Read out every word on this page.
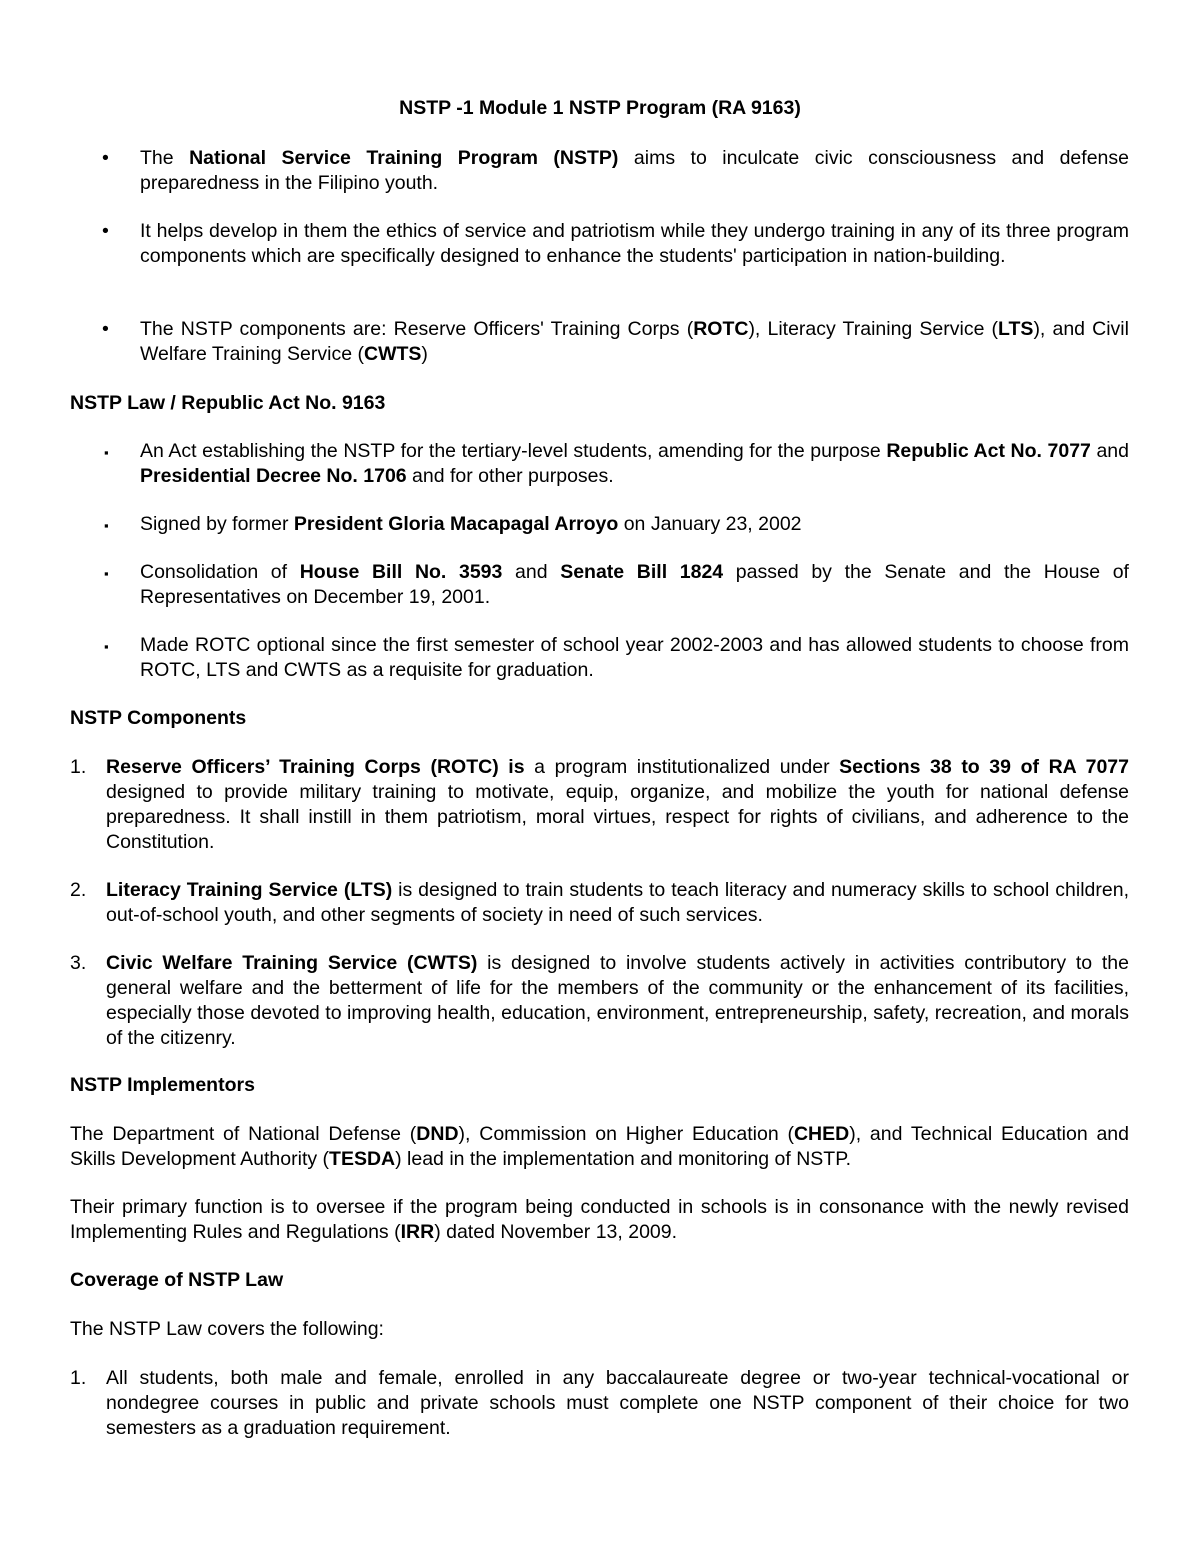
NSTP -1 Module 1 NSTP Program (RA 9163)
•	The National Service Training Program (NSTP) aims to inculcate civic consciousness and defense preparedness in the Filipino youth.
•	It helps develop in them the ethics of service and patriotism while they undergo training in any of its three program components which are specifically designed to enhance the students' participation in nation-building.
•	The NSTP components are: Reserve Officers' Training Corps (ROTC), Literacy Training Service (LTS), and Civil Welfare Training Service (CWTS)
NSTP Law / Republic Act No. 9163
▪	An Act establishing the NSTP for the tertiary-level students, amending for the purpose Republic Act No. 7077 and Presidential Decree No. 1706 and for other purposes.
▪	Signed by former President Gloria Macapagal Arroyo on January 23, 2002
▪	Consolidation of House Bill No. 3593 and Senate Bill 1824 passed by the Senate and the House of Representatives on December 19, 2001.
▪	Made ROTC optional since the first semester of school year 2002-2003 and has allowed students to choose from ROTC, LTS and CWTS as a requisite for graduation.
NSTP Components
1.	Reserve Officers’ Training Corps (ROTC) is a program institutionalized under Sections 38 to 39 of RA 7077 designed to provide military training to motivate, equip, organize, and mobilize the youth for national defense preparedness. It shall instill in them patriotism, moral virtues, respect for rights of civilians, and adherence to the Constitution.
2.	Literacy Training Service (LTS) is designed to train students to teach literacy and numeracy skills to school children, out-of-school youth, and other segments of society in need of such services.
3.	Civic Welfare Training Service (CWTS) is designed to involve students actively in activities contributory to the general welfare and the betterment of life for the members of the community or the enhancement of its facilities, especially those devoted to improving health, education, environment, entrepreneurship, safety, recreation, and morals of the citizenry.
NSTP Implementors
The Department of National Defense (DND), Commission on Higher Education (CHED), and Technical Education and Skills Development Authority (TESDA) lead in the implementation and monitoring of NSTP.
Their primary function is to oversee if the program being conducted in schools is in consonance with the newly revised Implementing Rules and Regulations (IRR) dated November 13, 2009.
Coverage of NSTP Law
The NSTP Law covers the following:
1.	All students, both male and female, enrolled in any baccalaureate degree or two-year technical-vocational or nondegree courses in public and private schools must complete one NSTP component of their choice for two semesters as a graduation requirement.
